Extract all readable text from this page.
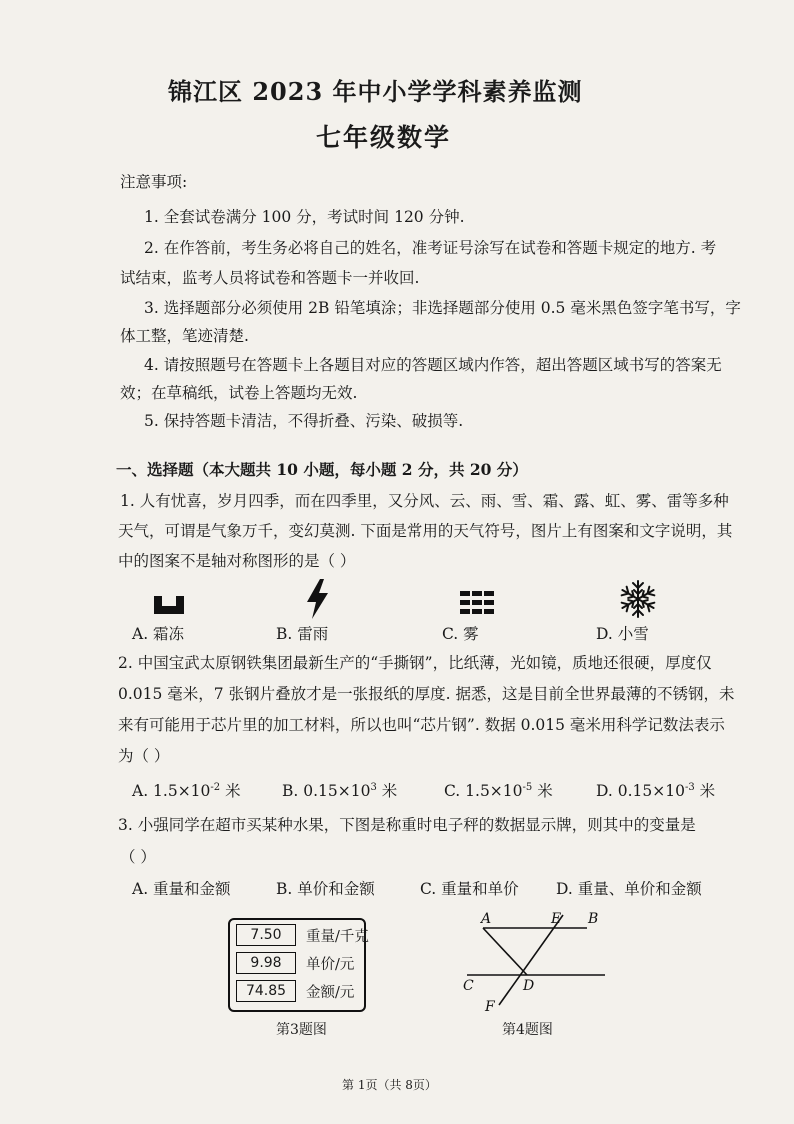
锦江区 2023 年中小学学科素养监测
七年级数学
注意事项:
1. 全套试卷满分 100 分，考试时间 120 分钟.
2. 在作答前，考生务必将自己的姓名，准考证号涂写在试卷和答题卡规定的地方. 考
试结束，监考人员将试卷和答题卡一并收回.
3. 选择题部分必须使用 2B 铅笔填涂；非选择题部分使用 0.5 毫米黑色签字笔书写，字
体工整，笔迹清楚.
4. 请按照题号在答题卡上各题目对应的答题区域内作答，超出答题区域书写的答案无
效；在草稿纸，试卷上答题均无效.
5. 保持答题卡清洁，不得折叠、污染、破损等.
一、选择题（本大题共 10 小题，每小题 2 分，共 20 分）
1. 人有忧喜，岁月四季，而在四季里，又分风、云、雨、雪、霜、露、虹、雾、雷等多种
天气，可谓是气象万千，变幻莫测. 下面是常用的天气符号，图片上有图案和文字说明，其
中的图案不是轴对称图形的是（ ）
A. 霜冻	B. 雷雨	C. 雾	D. 小雪
2. 中国宝武太原钢铁集团最新生产的“手撕钢”，比纸薄，光如镜，质地还很硬，厚度仅
0.015 毫米，7 张钢片叠放才是一张报纸的厚度. 据悉，这是目前全世界最薄的不锈钢，未
来有可能用于芯片里的加工材料，所以也叫“芯片钢”. 数据 0.015 毫米用科学记数法表示
为（ ）
A. $1.5\times 10^{-2}$ 米	B. $0.15\times 10^3$ 米	C. $1.5\times 10^{-5}$ 米	D. $0.15\times 10^{-3}$ 米
3. 小强同学在超市买某种水果，下图是称重时电子秤的数据显示牌，则其中的变量是
（ ）
A. 重量和金额	B. 单价和金额	C. 重量和单价 D. 重量、单价和金额
7.50	重量/千克
9.98	单价/元
74.85	金额/元
第3题图
A	E B
C	D
F
第4题图
第 1页（共 8页）
